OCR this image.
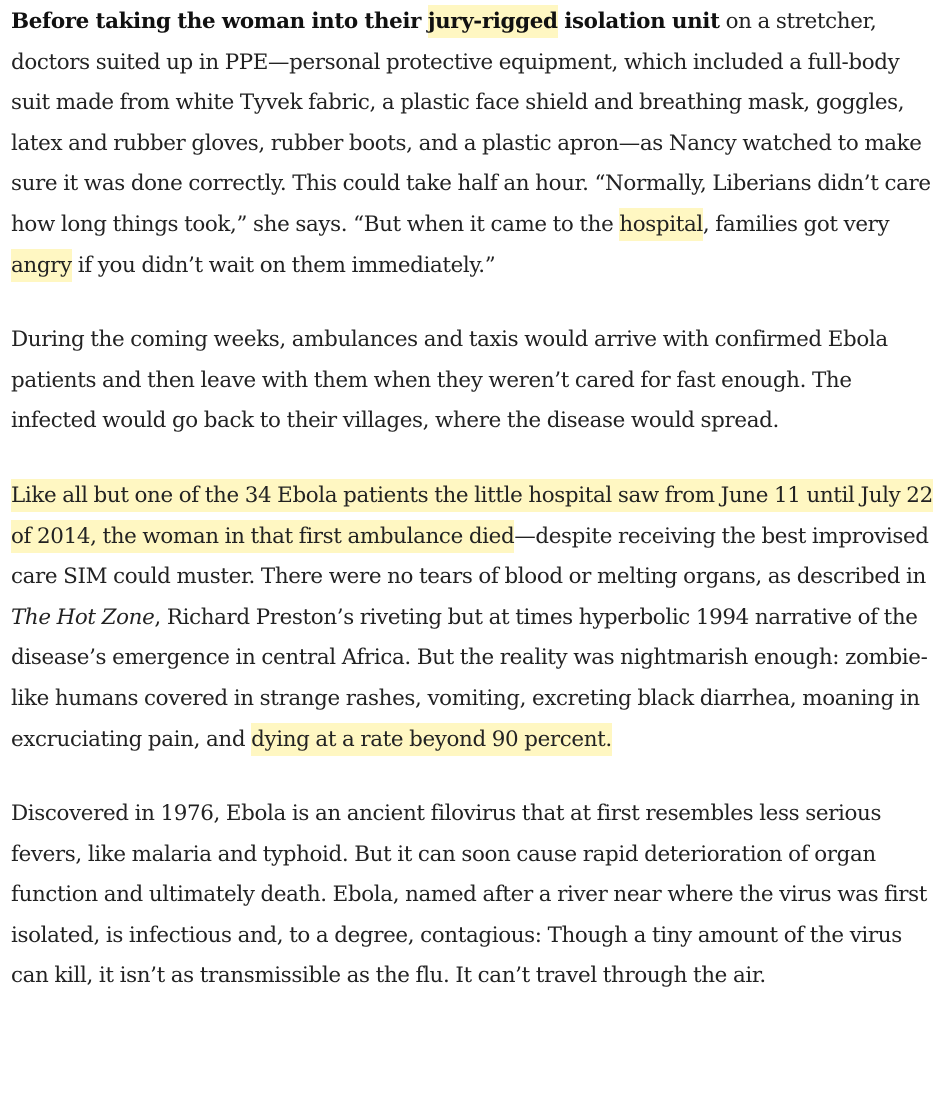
Before taking the woman into their jury-rigged isolation unit on a stretcher, doctors suited up in PPE—personal protective equipment, which included a full-body suit made from white Tyvek fabric, a plastic face shield and breathing mask, goggles, latex and rubber gloves, rubber boots, and a plastic apron—as Nancy watched to make sure it was done correctly. This could take half an hour. “Normally, Liberians didn’t care how long things took,” she says. “But when it came to the hospital, families got very angry if you didn’t wait on them immediately.”

During the coming weeks, ambulances and taxis would arrive with confirmed Ebola patients and then leave with them when they weren’t cared for fast enough. The infected would go back to their villages, where the disease would spread.

Like all but one of the 34 Ebola patients the little hospital saw from June 11 until July 22 of 2014, the woman in that first ambulance died—despite receiving the best improvised care SIM could muster. There were no tears of blood or melting organs, as described in The Hot Zone, Richard Preston’s riveting but at times hyperbolic 1994 narrative of the disease’s emergence in central Africa. But the reality was nightmarish enough: zombie-like humans covered in strange rashes, vomiting, excreting black diarrhea, moaning in excruciating pain, and dying at a rate beyond 90 percent.

Discovered in 1976, Ebola is an ancient filovirus that at first resembles less serious fevers, like malaria and typhoid. But it can soon cause rapid deterioration of organ function and ultimately death. Ebola, named after a river near where the virus was first isolated, is infectious and, to a degree, contagious: Though a tiny amount of the virus can kill, it isn’t as transmissible as the flu. It can’t travel through the air.
